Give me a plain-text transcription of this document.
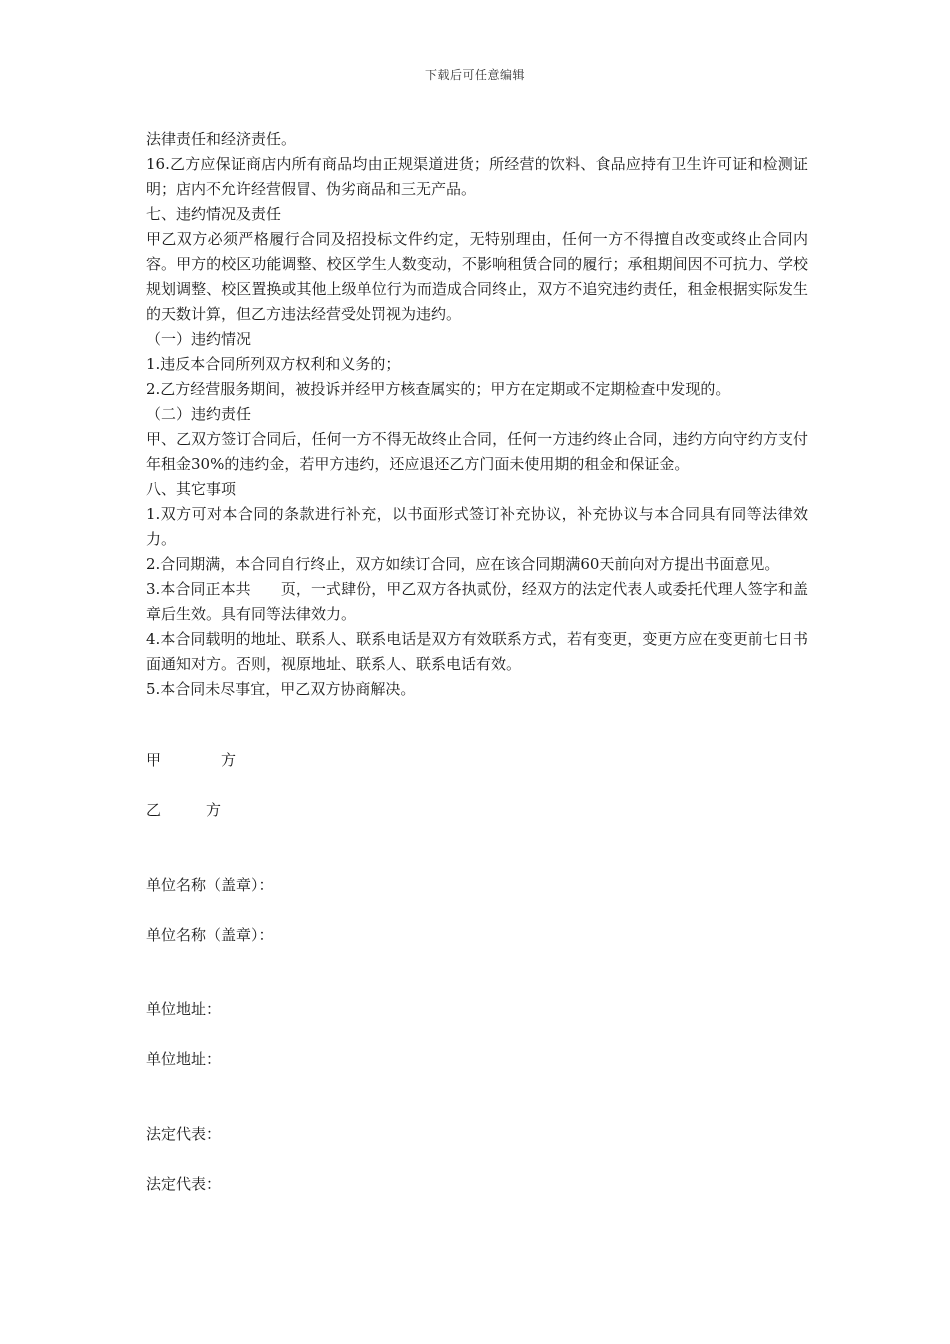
下载后可任意编辑

法律责任和经济责任。

16.乙方应保证商店内所有商品均由正规渠道进货；所经营的饮料、食品应持有卫生许可证和检测证明；店内不允许经营假冒、伪劣商品和三无产品。

七、违约情况及责任

甲乙双方必须严格履行合同及招投标文件约定，无特别理由，任何一方不得擅自改变或终止合同内容。甲方的校区功能调整、校区学生人数变动，不影响租赁合同的履行；承租期间因不可抗力、学校规划调整、校区置换或其他上级单位行为而造成合同终止，双方不追究违约责任，租金根据实际发生的天数计算，但乙方违法经营受处罚视为违约。

（一）违约情况

1.违反本合同所列双方权利和义务的；

2.乙方经营服务期间，被投诉并经甲方核查属实的；甲方在定期或不定期检查中发现的。

（二）违约责任

甲、乙双方签订合同后，任何一方不得无故终止合同，任何一方违约终止合同，违约方向守约方支付年租金30%的违约金，若甲方违约，还应退还乙方门面未使用期的租金和保证金。

八、其它事项

1.双方可对本合同的条款进行补充，以书面形式签订补充协议，补充协议与本合同具有同等法律效力。

2.合同期满，本合同自行终止，双方如续订合同，应在该合同期满60天前向对方提出书面意见。

3.本合同正本共　　页，一式肆份，甲乙双方各执贰份，经双方的法定代表人或委托代理人签字和盖章后生效。具有同等法律效力。

4.本合同载明的地址、联系人、联系电话是双方有效联系方式，若有变更，变更方应在变更前七日书面通知对方。否则，视原地址、联系人、联系电话有效。

5.本合同未尽事宜，甲乙双方协商解决。

甲　　　　方
乙　　　方
单位名称（盖章）：
单位名称（盖章）：
单位地址：
单位地址：
法定代表：
法定代表：
